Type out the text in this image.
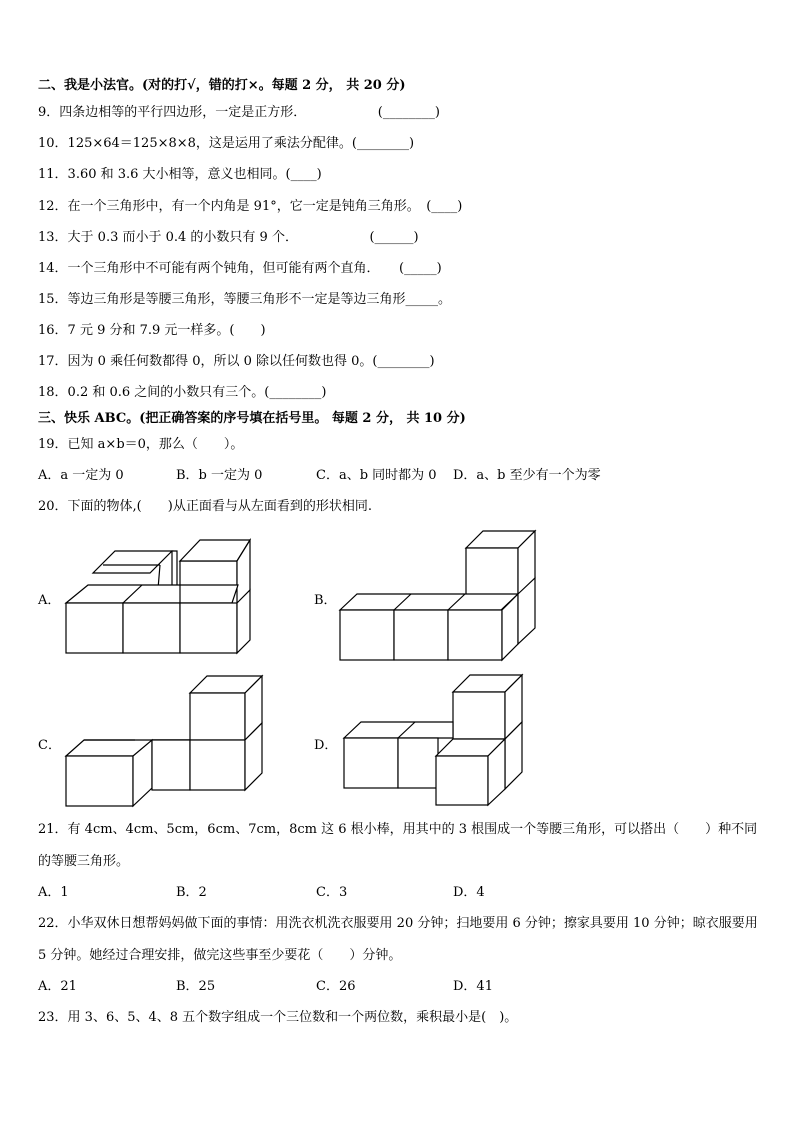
二、我是小法官。(对的打√，错的打×。每题 2 分， 共 20 分)
9．四条边相等的平行四边形，一定是正方形．　　　　　　(________)
10．125×64＝125×8×8，这是运用了乘法分配律。(________)
11．3.60 和 3.6 大小相等，意义也相同。(____)
12．在一个三角形中，有一个内角是 91°，它一定是钝角三角形。　(____)
13．大于 0.3 而小于 0.4 的小数只有 9 个．　　　　　　(______)
14．一个三角形中不可能有两个钝角，但可能有两个直角．　　(_____)
15．等边三角形是等腰三角形，等腰三角形不一定是等边三角形_____。
16．7 元 9 分和 7.9 元一样多。(　　)
17．因为 0 乘任何数都得 0，所以 0 除以任何数也得 0。(________)
18．0.2 和 0.6 之间的小数只有三个。(________)
三、快乐 ABC。(把正确答案的序号填在括号里。 每题 2 分， 共 10 分)
19．已知 a×b＝0，那么（　　）。
A．a 一定为 0	B．b 一定为 0	C．a、b 同时都为 0 D．a、b 至少有一个为零
20．下面的物体,(　　)从正面看与从左面看到的形状相同.
A．	B．
C．	D．
21．有 4cm、4cm、5cm，6cm、7cm，8cm 这 6 根小棒，用其中的 3 根围成一个等腰三角形，可以搭出（　　）种不同的等腰三角形。
A．1	B．2	C．3	D．4
22．小华双休日想帮妈妈做下面的事情：用洗衣机洗衣服要用 20 分钟；扫地要用 6 分钟；擦家具要用 10 分钟；晾衣服要用 5 分钟。她经过合理安排，做完这些事至少要花（　　）分钟。
A．21	B．25	C．26	D．41
23．用 3、6、5、4、8 五个数字组成一个三位数和一个两位数，乘积最小是(　)。
